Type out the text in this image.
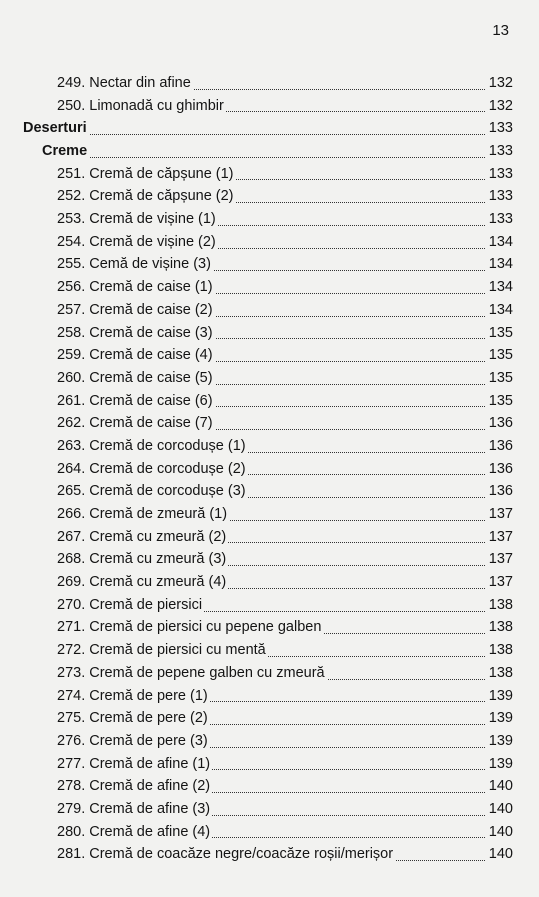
13
249. Nectar din afine	132
250. Limonadă cu ghimbir	132
Deserturi	133
Creme	133
251. Cremă de căpșune (1)	133
252. Cremă de căpșune (2)	133
253. Cremă de vișine (1)	133
254. Cremă de vișine (2)	134
255. Cemă de vișine (3)	134
256. Cremă de caise (1)	134
257. Cremă de caise (2)	134
258. Cremă de caise (3)	135
259. Cremă de caise (4)	135
260. Cremă de caise (5)	135
261. Cremă de caise (6)	135
262. Cremă de caise (7)	136
263. Cremă de corcodușe (1)	136
264. Cremă de corcodușe (2)	136
265. Cremă de corcodușe (3)	136
266. Cremă de zmeură (1)	137
267. Cremă cu zmeură (2)	137
268. Cremă cu zmeură (3)	137
269. Cremă cu zmeură (4)	137
270. Cremă de piersici	138
271. Cremă de piersici cu pepene galben	138
272. Cremă de piersici cu mentă	138
273. Cremă de pepene galben cu zmeură	138
274. Cremă de pere (1)	139
275. Cremă de pere (2)	139
276. Cremă de pere (3)	139
277. Cremă de afine (1)	139
278. Cremă de afine (2)	140
279. Cremă de afine (3)	140
280. Cremă de afine (4)	140
281. Cremă de coacăze negre/coacăze roșii/merișor	140
